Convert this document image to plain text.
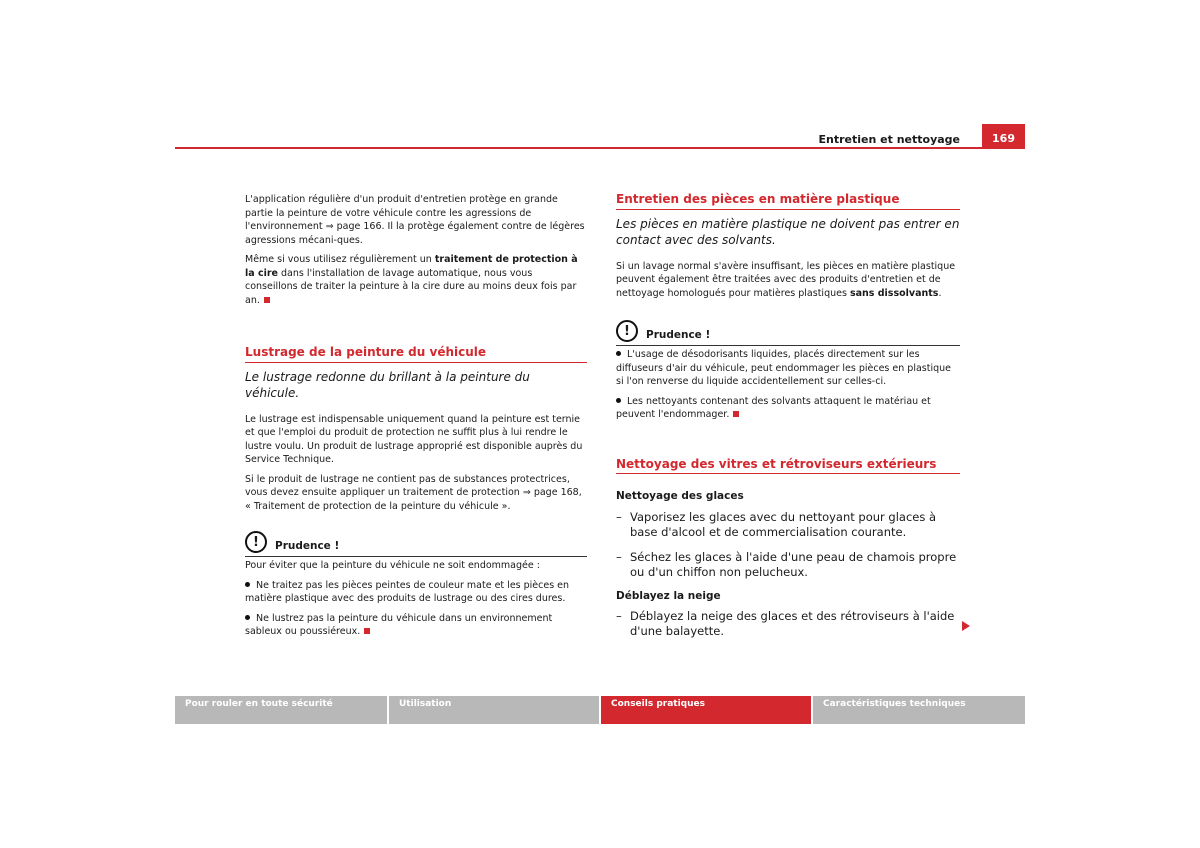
Entretien et nettoyage	169

L'application régulière d'un produit d'entretien protège en grande partie la peinture de votre véhicule contre les agressions de l'environnement ⇒ page 166. Il la protège également contre de légères agressions mécani-ques.

Même si vous utilisez régulièrement un traitement de protection à la cire dans l'installation de lavage automatique, nous vous conseillons de traiter la peinture à la cire dure au moins deux fois par an.

Lustrage de la peinture du véhicule
Le lustrage redonne du brillant à la peinture du véhicule.

Le lustrage est indispensable uniquement quand la peinture est ternie et que l'emploi du produit de protection ne suffit plus à lui rendre le lustre voulu. Un produit de lustrage approprié est disponible auprès du Service Technique.

Si le produit de lustrage ne contient pas de substances protectrices, vous devez ensuite appliquer un traitement de protection ⇒ page 168, « Traitement de protection de la peinture du véhicule ».

!	Prudence !

Pour éviter que la peinture du véhicule ne soit endommagée :

Ne traitez pas les pièces peintes de couleur mate et les pièces en matière plastique avec des produits de lustrage ou des cires dures.

Ne lustrez pas la peinture du véhicule dans un environnement sableux ou poussiéreux.

Entretien des pièces en matière plastique
Les pièces en matière plastique ne doivent pas entrer en contact avec des solvants.

Si un lavage normal s'avère insuffisant, les pièces en matière plastique peuvent également être traitées avec des produits d'entretien et de nettoyage homologués pour matières plastiques sans dissolvants.

!	Prudence !

L'usage de désodorisants liquides, placés directement sur les diffuseurs d'air du véhicule, peut endommager les pièces en plastique si l'on renverse du liquide accidentellement sur celles-ci.

Les nettoyants contenant des solvants attaquent le matériau et peuvent l'endommager.

Nettoyage des vitres et rétroviseurs extérieurs
Nettoyage des glaces
– Vaporisez les glaces avec du nettoyant pour glaces à base d'alcool et de commercialisation courante.
– Séchez les glaces à l'aide d'une peau de chamois propre ou d'un chiffon non pelucheux.
Déblayez la neige
– Déblayez la neige des glaces et des rétroviseurs à l'aide d'une balayette.
Pour rouler en toute sécurité	Utilisation	Conseils pratiques	Caractéristiques techniques
